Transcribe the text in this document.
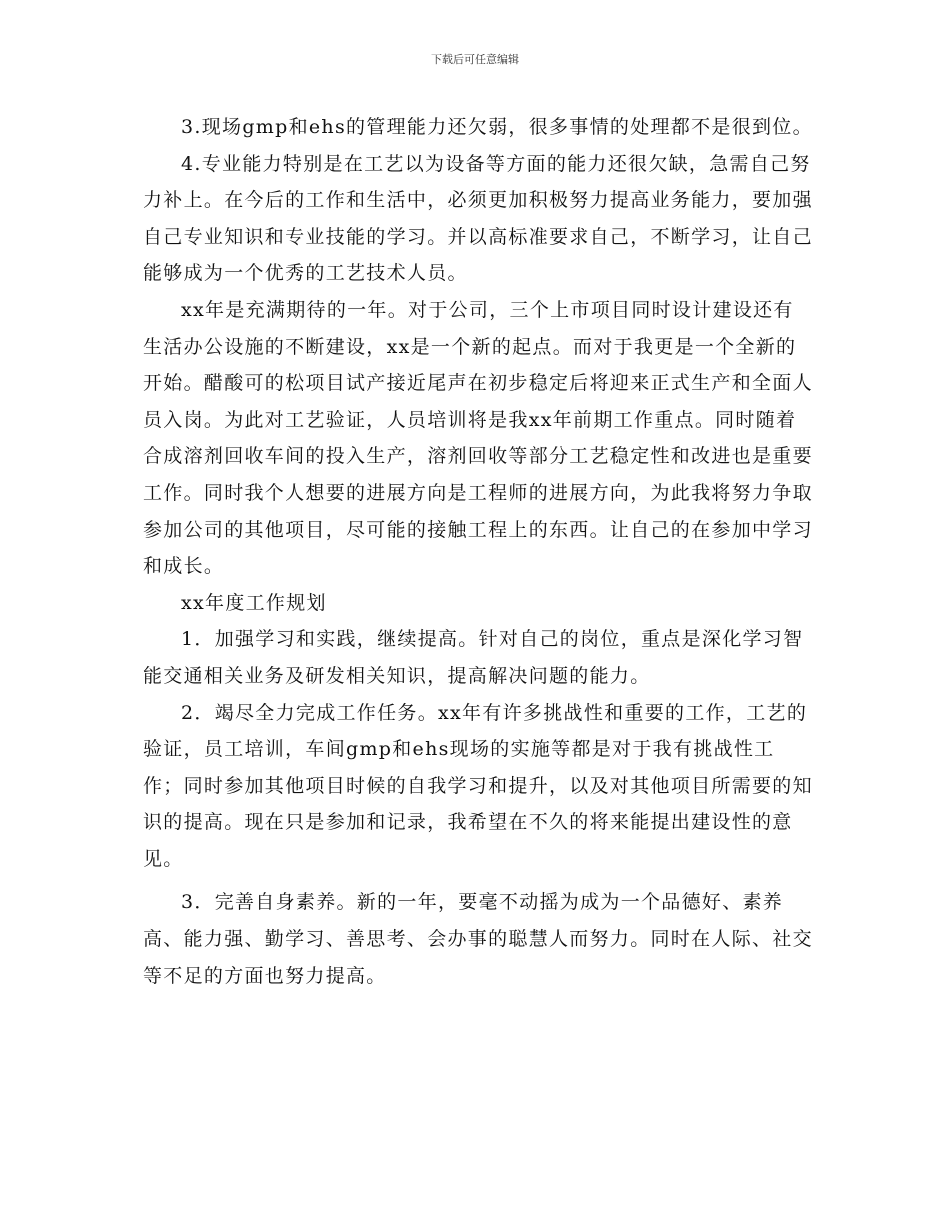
下载后可任意编辑

3.现场gmp和ehs的管理能力还欠弱，很多事情的处理都不是很到位。

4.专业能力特别是在工艺以为设备等方面的能力还很欠缺，急需自己努力补上。在今后的工作和生活中，必须更加积极努力提高业务能力，要加强自己专业知识和专业技能的学习。并以高标准要求自己，不断学习，让自己能够成为一个优秀的工艺技术人员。

xx年是充满期待的一年。对于公司，三个上市项目同时设计建设还有生活办公设施的不断建设，xx是一个新的起点。而对于我更是一个全新的开始。醋酸可的松项目试产接近尾声在初步稳定后将迎来正式生产和全面人员入岗。为此对工艺验证，人员培训将是我xx年前期工作重点。同时随着合成溶剂回收车间的投入生产，溶剂回收等部分工艺稳定性和改进也是重要工作。同时我个人想要的进展方向是工程师的进展方向，为此我将努力争取参加公司的其他项目，尽可能的接触工程上的东西。让自己的在参加中学习和成长。

xx年度工作规划

1．加强学习和实践，继续提高。针对自己的岗位，重点是深化学习智能交通相关业务及研发相关知识，提高解决问题的能力。

2．竭尽全力完成工作任务。xx年有许多挑战性和重要的工作，工艺的验证，员工培训，车间gmp和ehs现场的实施等都是对于我有挑战性工作；同时参加其他项目时候的自我学习和提升，以及对其他项目所需要的知识的提高。现在只是参加和记录，我希望在不久的将来能提出建设性的意见。

3．完善自身素养。新的一年，要毫不动摇为成为一个品德好、素养高、能力强、勤学习、善思考、会办事的聪慧人而努力。同时在人际、社交等不足的方面也努力提高。
